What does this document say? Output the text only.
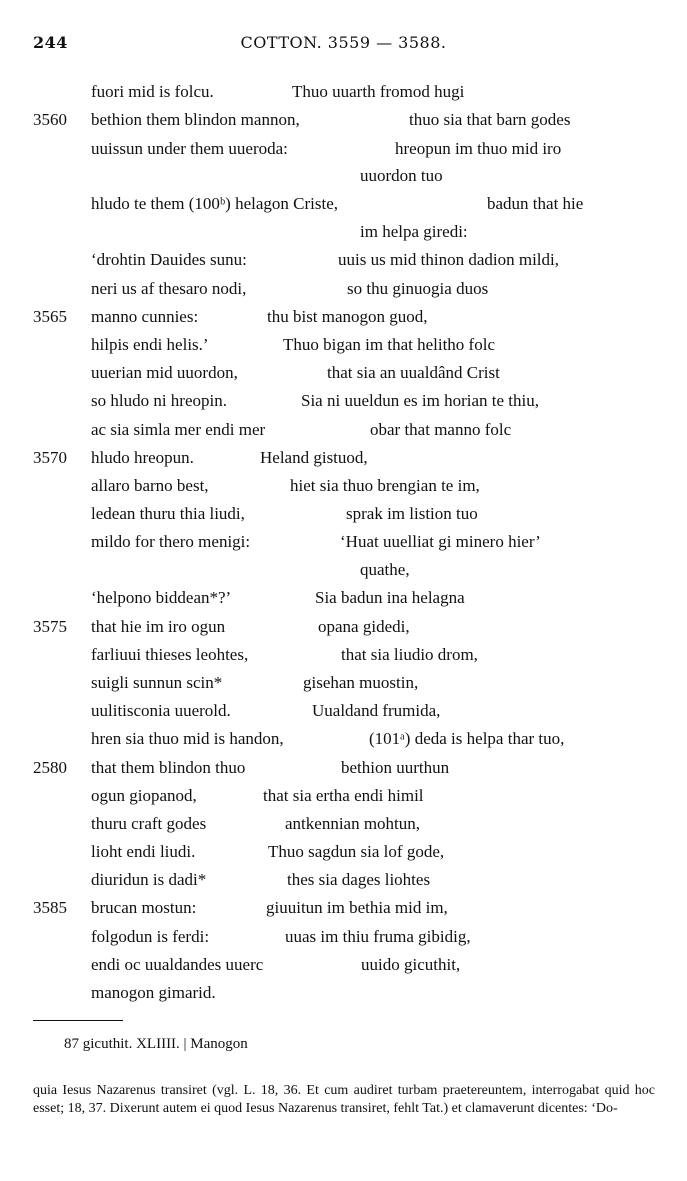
244	COTTON. 3559 — 3588.
fuori mid is folcu.	Thuo uuarth fromod hugi
3560	bethion them blindon mannon,	thuo sia that barn godes
uuissun under them uueroda:	hreopun im thuo mid iro
uuordon tuo
hludo te them (100ᵇ) helagon Criste,	badun that hie
im helpa giredi:
‘drohtin Dauides sunu:	uuis us mid thinon dadion mildi,
neri us af thesaro nodi,	so thu ginuogia duos
3565	manno cunnies:	thu bist manogon guod,
hilpis endi helis.’	Thuo bigan im that helitho folc
uuerian mid uuordon,	that sia an uualdând Crist
so hludo ni hreopin.	Sia ni uueldun es im horian te thiu,
ac sia simla mer endi mer	obar that manno folc
3570	hludo hreopun.	Heland gistuod,
allaro barno best,	hiet sia thuo brengian te im,
ledean thuru thia liudi,	sprak im listion tuo
mildo for thero menigi:	‘Huat uuelliat gi minero hier’
quathe,
‘helpono biddean*?’	Sia badun ina helagna
3575	that hie im iro ogun	opana gidedi,
farliuui thieses leohtes,	that sia liudio drom,
suigli sunnun scin*	gisehan muostin,
uulitisconia uuerold.	Uualdand frumida,
hren sia thuo mid is handon,	(101ᵃ) deda is helpa thar tuo,
2580	that them blindon thuo	bethion uurthun
ogun giopanod,	that sia ertha endi himil
thuru craft godes	antkennian mohtun,
lioht endi liudi.	Thuo sagdun sia lof gode,
diuridun is dadi*	thes sia dages liohtes
3585	brucan mostun:	giuuitun im bethia mid im,
folgodun is ferdi:	uuas im thiu fruma gibidig,
endi oc uualdandes uuerc	uuido gicuthit,
manogon gimarid.
87 gicuthit. XLIIII. | Manogon

quia Iesus Nazarenus transiret (vgl. L. 18, 36. Et cum audiret turbam praetereuntem, interrogabat quid hoc esset; 18, 37. Dixerunt autem ei quod Iesus Nazarenus transiret, fehlt Tat.) et clamaverunt dicentes: ‘Do-
